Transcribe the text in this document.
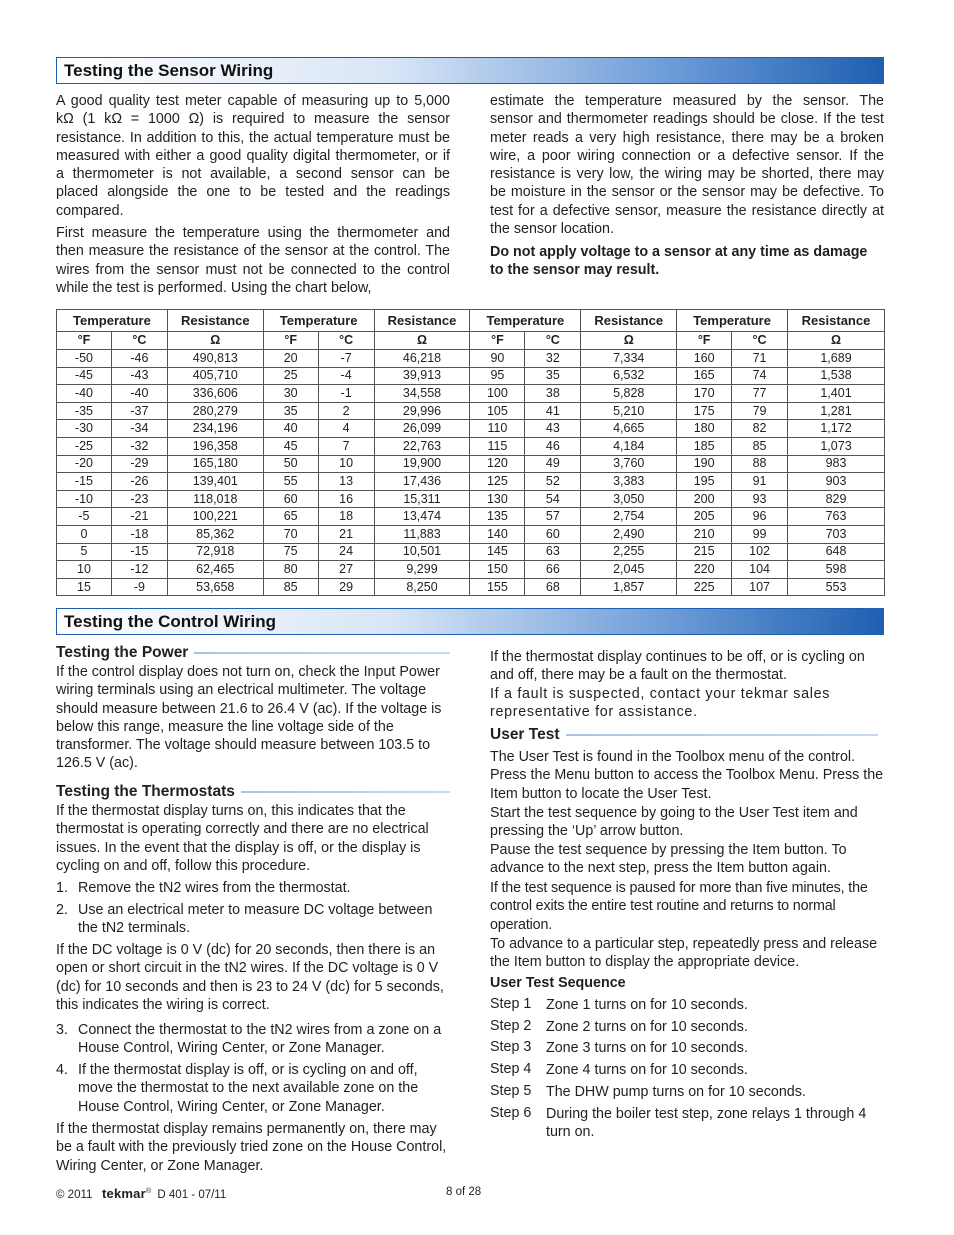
Testing the Sensor Wiring

A good quality test meter capable of measuring up to 5,000 kΩ (1 kΩ = 1000 Ω) is required to measure the sensor resistance. In addition to this, the actual temperature must be measured with either a good quality digital thermometer, or if a thermometer is not available, a second sensor can be placed alongside the one to be tested and the readings compared.

First measure the temperature using the thermometer and then measure the resistance of the sensor at the control. The wires from the sensor must not be connected to the control while the test is performed. Using the chart below,

estimate the temperature measured by the sensor. The sensor and thermometer readings should be close. If the test meter reads a very high resistance, there may be a broken wire, a poor wiring connection or a defective sensor. If the resistance is very low, the wiring may be shorted, there may be moisture in the sensor or the sensor may be defective. To test for a defective sensor, measure the resistance directly at the sensor location.

Do not apply voltage to a sensor at any time as damage to the sensor may result.

Temperature		Resistance	Temperature		Resistance	Temperature		Resistance	Temperature		Resistance
°F	°C	Ω	°F	°C	Ω	°F	°C	Ω	°F	°C	Ω
-50	-46	490,813	20	-7	46,218	90	32	7,334	160	71	1,689
-45	-43	405,710	25	-4	39,913	95	35	6,532	165	74	1,538
-40	-40	336,606	30	-1	34,558	100	38	5,828	170	77	1,401
-35	-37	280,279	35	2	29,996	105	41	5,210	175	79	1,281
-30	-34	234,196	40	4	26,099	110	43	4,665	180	82	1,172
-25	-32	196,358	45	7	22,763	115	46	4,184	185	85	1,073
-20	-29	165,180	50	10	19,900	120	49	3,760	190	88	983
-15	-26	139,401	55	13	17,436	125	52	3,383	195	91	903
-10	-23	118,018	60	16	15,311	130	54	3,050	200	93	829
-5	-21	100,221	65	18	13,474	135	57	2,754	205	96	763
0	-18	85,362	70	21	11,883	140	60	2,490	210	99	703
5	-15	72,918	75	24	10,501	145	63	2,255	215	102	648
10	-12	62,465	80	27	9,299	150	66	2,045	220	104	598
15	-9	53,658	85	29	8,250	155	68	1,857	225	107	553
Testing the Control Wiring
Testing the Power

If the control display does not turn on, check the Input Power wiring terminals using an electrical multimeter. The voltage should measure between 21.6 to 26.4 V (ac). If the voltage is below this range, measure the line voltage side of the transformer. The voltage should measure between 103.5 to 126.5 V (ac).

Testing the Thermostats

If the thermostat display turns on, this indicates that the thermostat is operating correctly and there are no electrical issues. In the event that the display is off, or the display is cycling on and off, follow this procedure.

1. Remove the tN2 wires from the thermostat.
2. Use an electrical meter to measure DC voltage between the tN2 terminals.

If the DC voltage is 0 V (dc) for 20 seconds, then there is an open or short circuit in the tN2 wires. If the DC voltage is 0 V (dc) for 10 seconds and then is 23 to 24 V (dc) for 5 seconds, this indicates the wiring is correct.

3. Connect the thermostat to the tN2 wires from a zone on a House Control, Wiring Center, or Zone Manager.
4. If the thermostat display is off, or is cycling on and off, move the thermostat to the next available zone on the House Control, Wiring Center, or Zone Manager.

If the thermostat display remains permanently on, there may be a fault with the previously tried zone on the House Control, Wiring Center, or Zone Manager.

If the thermostat display continues to be off, or is cycling on and off, there may be a fault on the thermostat.

If a fault is suspected, contact your tekmar sales representative for assistance.

User Test

The User Test is found in the Toolbox menu of the control. Press the Menu button to access the Toolbox Menu. Press the Item button to locate the User Test.

Start the test sequence by going to the User Test item and pressing the ‘Up’ arrow button.

Pause the test sequence by pressing the Item button. To advance to the next step, press the Item button again.

If the test sequence is paused for more than five minutes, the control exits the entire test routine and returns to normal operation.

To advance to a particular step, repeatedly press and release the Item button to display the appropriate device.

User Test Sequence
Step 1 Zone 1 turns on for 10 seconds.
Step 2 Zone 2 turns on for 10 seconds.
Step 3 Zone 3 turns on for 10 seconds.
Step 4 Zone 4 turns on for 10 seconds.
Step 5 The DHW pump turns on for 10 seconds.
Step 6 During the boiler test step, zone relays 1 through 4 turn on.
© 2011 tekmar® D 401 - 07/11	8 of 28
